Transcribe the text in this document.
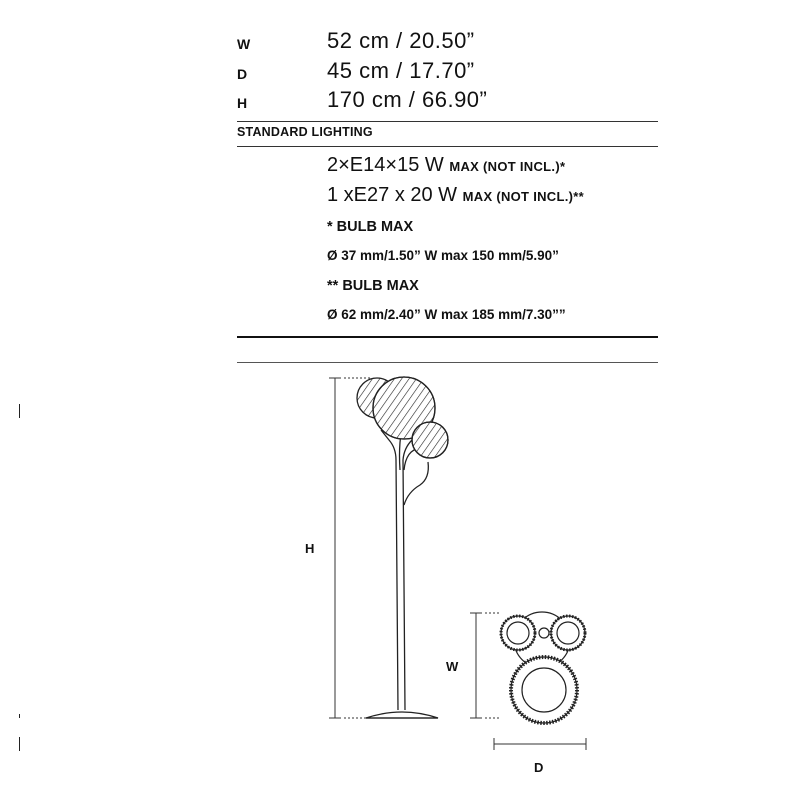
W	52 cm / 20.50”
D	45 cm / 17.70”
H	170 cm / 66.90”
STANDARD LIGHTING
2×E14×15 W MAX (NOT INCL.)*
1 xE27 x 20 W MAX (NOT INCL.)**
* BULB MAX
Ø 37 mm/1.50” W max 150 mm/5.90”
** BULB MAX
Ø 62 mm/2.40” W max 185 mm/7.30””
H
W
D
